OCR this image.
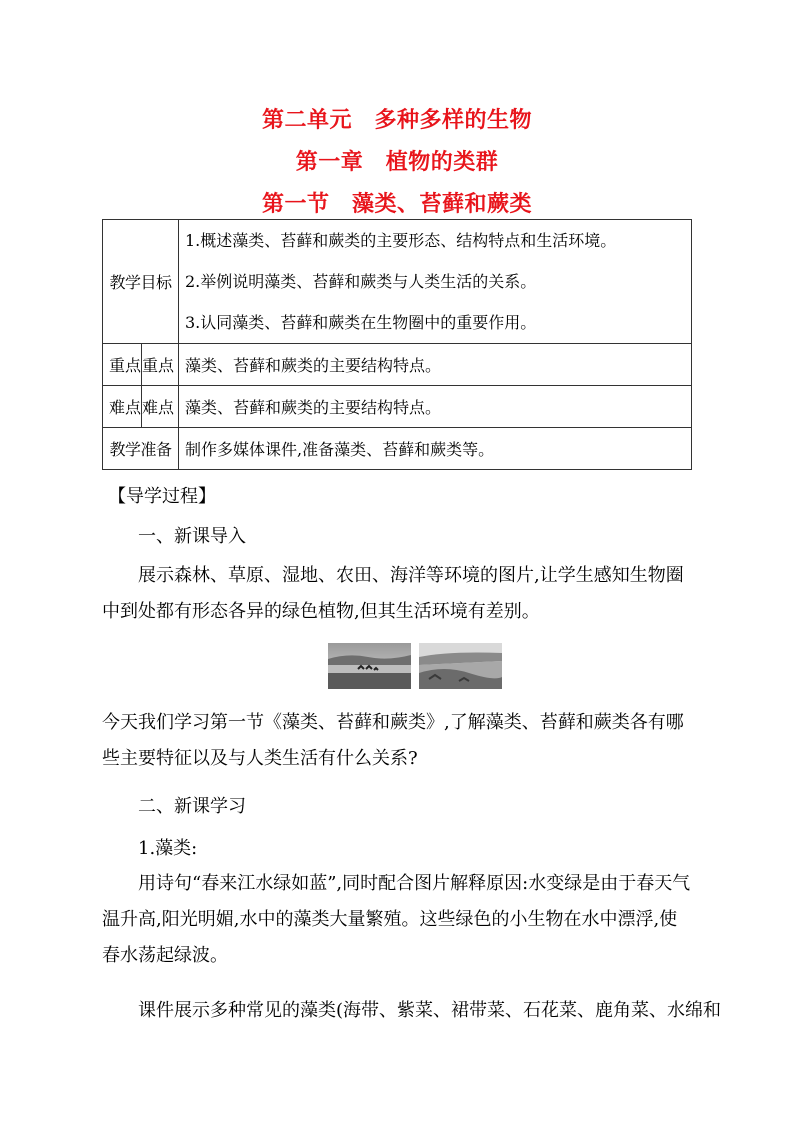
第二单元　多种多样的生物
第一章　植物的类群
第一节　藻类、苔藓和蕨类
教学目标		1.概述藻类、苔藓和蕨类的主要形态、结构特点和生活环境。
2.举例说明藻类、苔藓和蕨类与人类生活的关系。
3.认同藻类、苔藓和蕨类在生物圈中的重要作用。

重点	重点	藻类、苔藓和蕨类的主要结构特点。
难点	难点	藻类、苔藓和蕨类的主要结构特点。
教学准备		制作多媒体课件,准备藻类、苔藓和蕨类等。
【导学过程】
一、新课导入
展示森林、草原、湿地、农田、海洋等环境的图片,让学生感知生物圈中到处都有形态各异的绿色植物,但其生活环境有差别。
今天我们学习第一节《藻类、苔藓和蕨类》,了解藻类、苔藓和蕨类各有哪些主要特征以及与人类生活有什么关系?
二、新课学习
1.藻类:
用诗句“春来江水绿如蓝”,同时配合图片解释原因:水变绿是由于春天气温升高,阳光明媚,水中的藻类大量繁殖。这些绿色的小生物在水中漂浮,使春水荡起绿波。
课件展示多种常见的藻类(海带、紫菜、裙带菜、石花菜、鹿角菜、水绵和
